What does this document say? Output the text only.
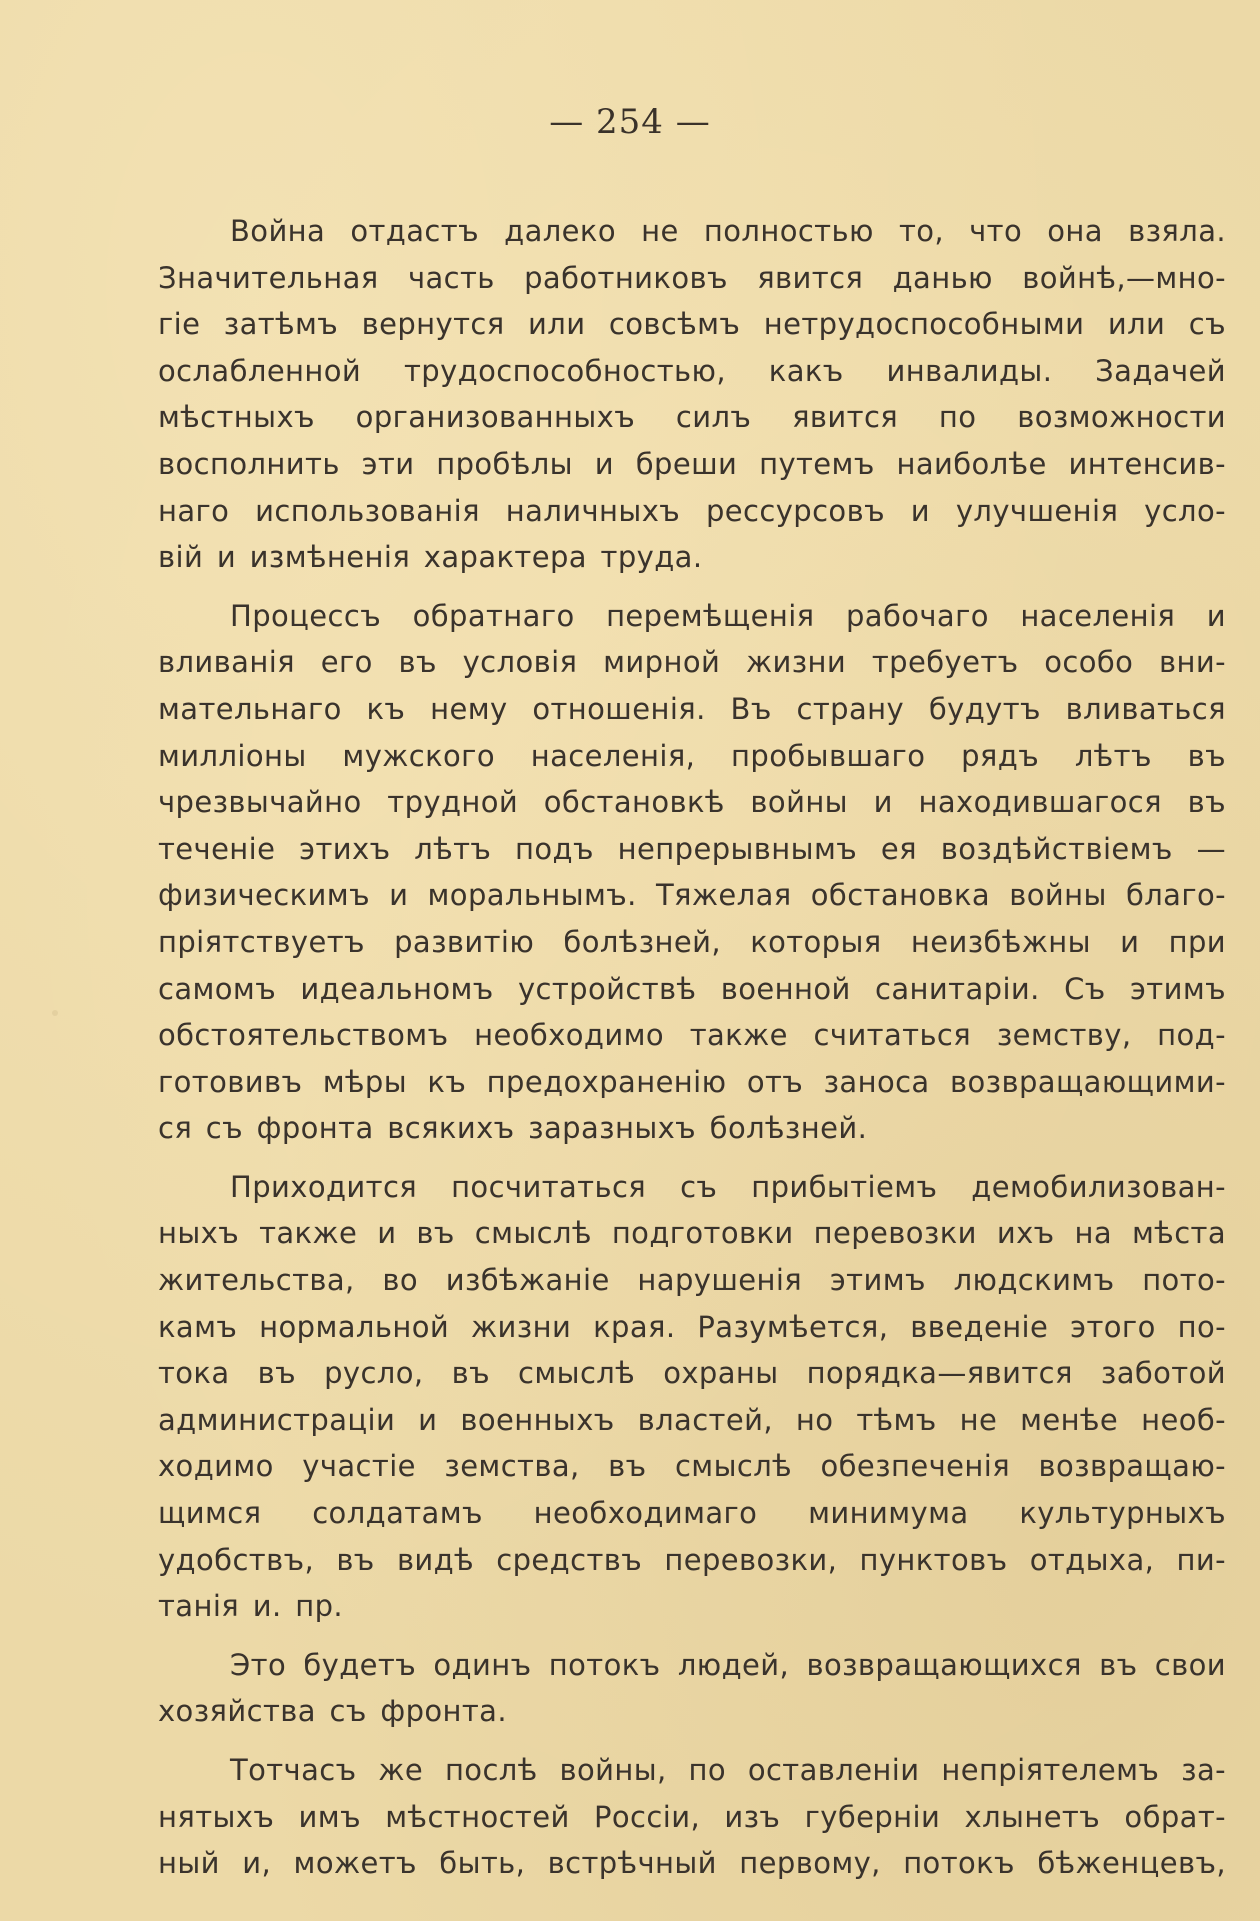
— 254 —
Война отдастъ далеко не полностью то, что она взяла.
Значительная часть работниковъ явится данью войнѣ,—мно-
гіе затѣмъ вернутся или совсѣмъ нетрудоспособными или съ
ослабленной трудоспособностью, какъ инвалиды. Задачей
мѣстныхъ организованныхъ силъ явится по возможности
восполнить эти пробѣлы и бреши путемъ наиболѣе интенсив-
наго использованія наличныхъ рессурсовъ и улучшенія усло-
вій и измѣненія характера труда.
Процессъ обратнаго перемѣщенія рабочаго населенія и
вливанія его въ условія мирной жизни требуетъ особо вни-
мательнаго къ нему отношенія. Въ страну будутъ вливаться
милліоны мужского населенія, пробывшаго рядъ лѣтъ въ
чрезвычайно трудной обстановкѣ войны и находившагося въ
теченіе этихъ лѣтъ подъ непрерывнымъ ея воздѣйствіемъ —
физическимъ и моральнымъ. Тяжелая обстановка войны благо-
пріятствуетъ развитію болѣзней, которыя неизбѣжны и при
самомъ идеальномъ устройствѣ военной санитаріи. Съ этимъ
обстоятельствомъ необходимо также считаться земству, под-
готовивъ мѣры къ предохраненію отъ заноса возвращающими-
ся съ фронта всякихъ заразныхъ болѣзней.
Приходится посчитаться съ прибытіемъ демобилизован-
ныхъ также и въ смыслѣ подготовки перевозки ихъ на мѣста
жительства, во избѣжаніе нарушенія этимъ людскимъ пото-
камъ нормальной жизни края. Разумѣется, введеніе этого по-
тока въ русло, въ смыслѣ охраны порядка—явится заботой
администраціи и военныхъ властей, но тѣмъ не менѣе необ-
ходимо участіе земства, въ смыслѣ обезпеченія возвращаю-
щимся солдатамъ необходимаго минимума культурныхъ
удобствъ, въ видѣ средствъ перевозки, пунктовъ отдыха, пи-
танія и. пр.
Это будетъ одинъ потокъ людей, возвращающихся въ свои
хозяйства съ фронта.
Тотчасъ же послѣ войны, по оставленіи непріятелемъ за-
нятыхъ имъ мѣстностей Россіи, изъ губерніи хлынетъ обрат-
ный и, можетъ быть, встрѣчный первому, потокъ бѣженцевъ,
